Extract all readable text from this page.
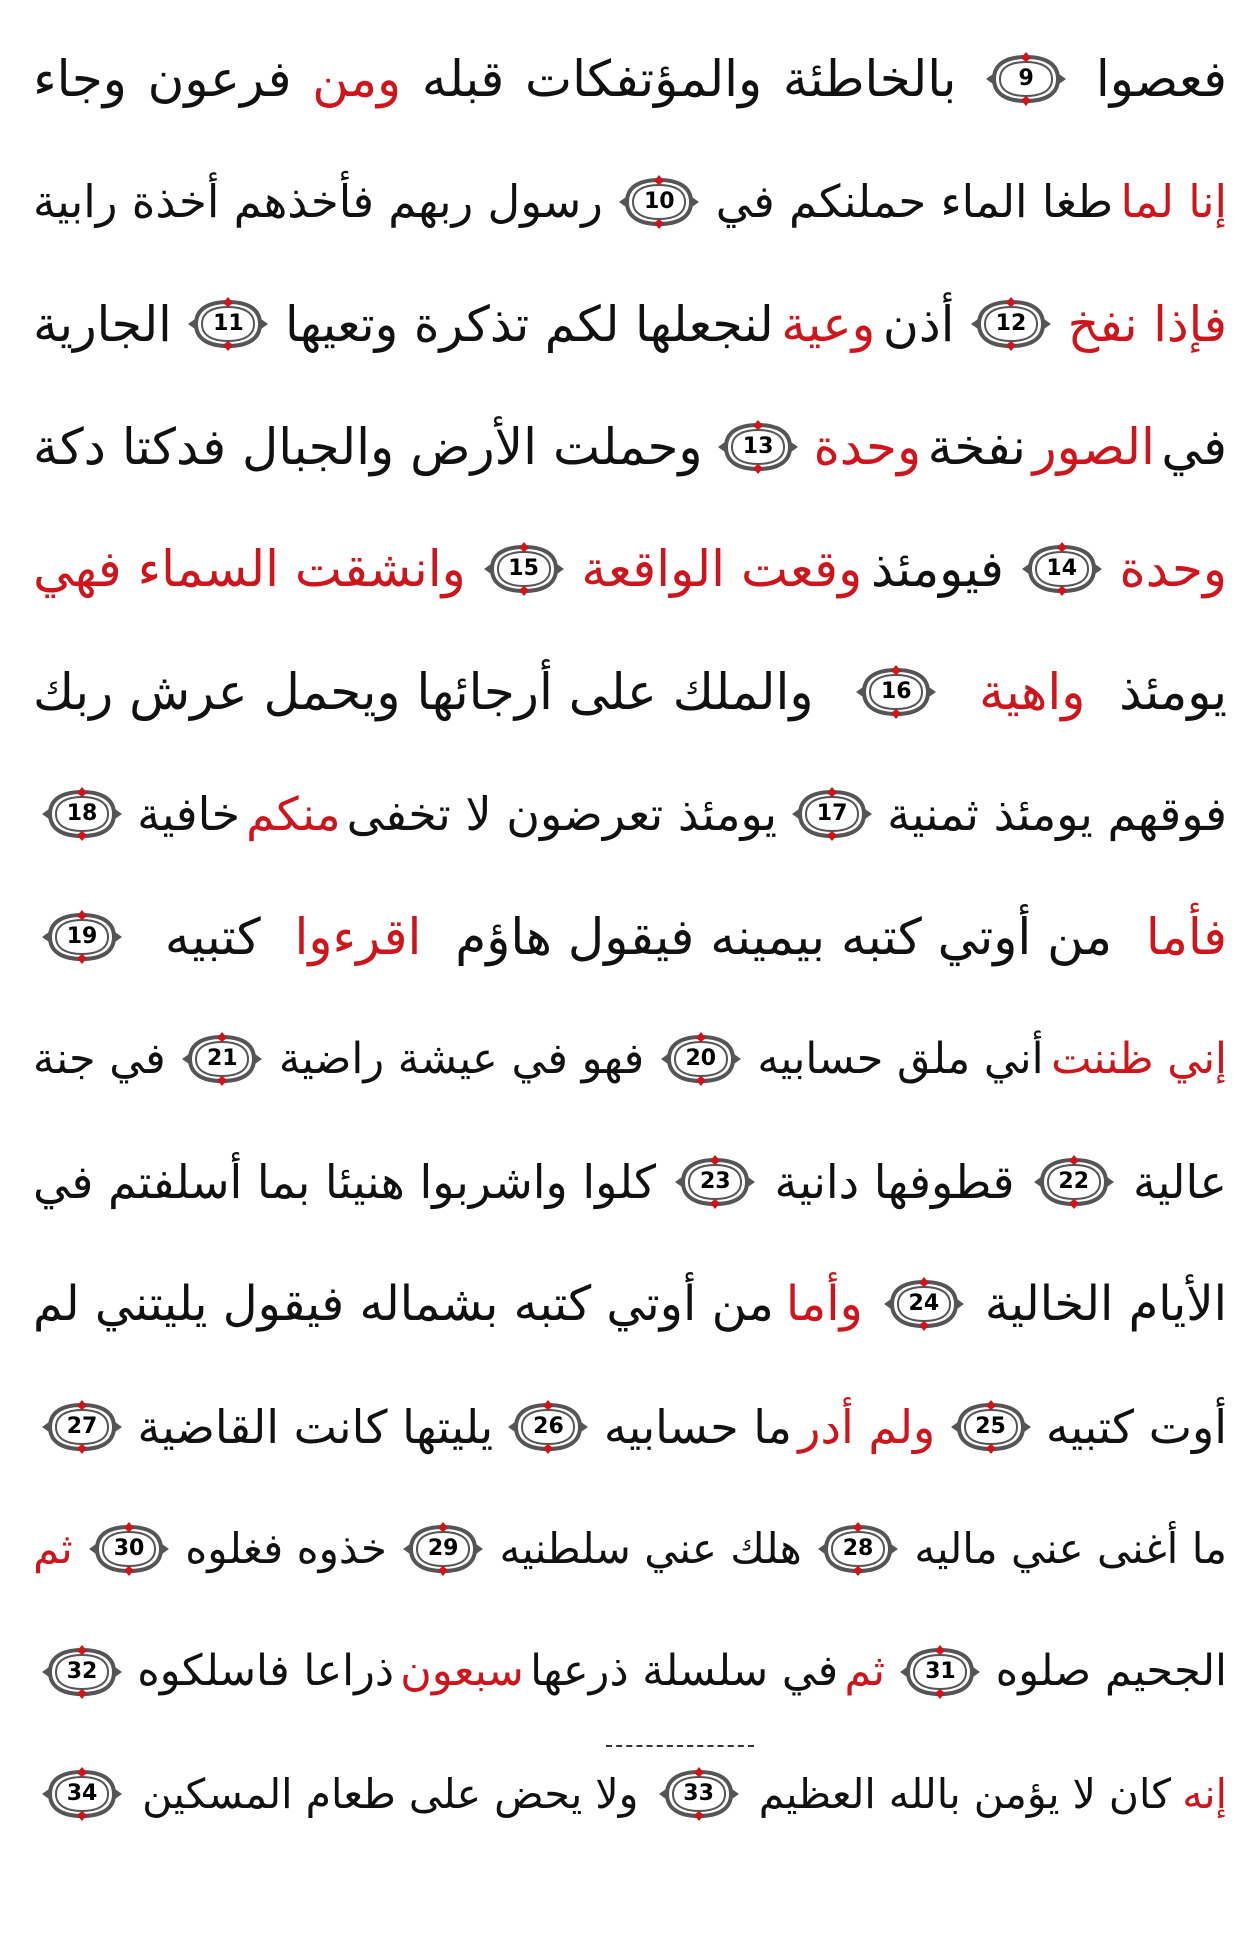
فعصوا
9
بالخاطئة
والمؤتفكات
قبله
ومن
فرعون
وجاء
إنا لما
طغا الماء حملنكم في
10
رسول ربهم فأخذهم أخذة رابية
فإذا نفخ
12
أذن
وعية
لنجعلها لكم تذكرة وتعيها
11
الجارية
في
الصور
نفخة
وحدة
13
وحملت الأرض والجبال فدكتا دكة
وحدة
14
فيومئذ
وقعت الواقعة
15
وانشقت السماء فهي
يومئذ
واهية
16
والملك على أرجائها ويحمل عرش ربك
فوقهم يومئذ ثمنية
17
يومئذ تعرضون لا تخفى
منكم
خافية
18
فأما
من أوتي كتبه بيمينه فيقول هاؤم
اقرءوا
كتبيه
19
إني ظننت
أني ملق حسابيه
20
فهو في عيشة راضية
21
في جنة
عالية
22
قطوفها دانية
23
كلوا واشربوا هنيئا بما أسلفتم في
الأيام الخالية
24
وأما
من أوتي كتبه بشماله فيقول يليتني لم
أوت كتبيه
25
ولم أدر
ما حسابيه
26
يليتها كانت القاضية
27
ما أغنى عني ماليه
28
هلك عني سلطنيه
29
خذوه فغلوه
30
ثم
الجحيم صلوه
31
ثم
في سلسلة ذرعها
سبعون
ذراعا فاسلكوه
32
إنه
كان لا يؤمن بالله العظيم
33
ولا يحض على طعام المسكين
34
